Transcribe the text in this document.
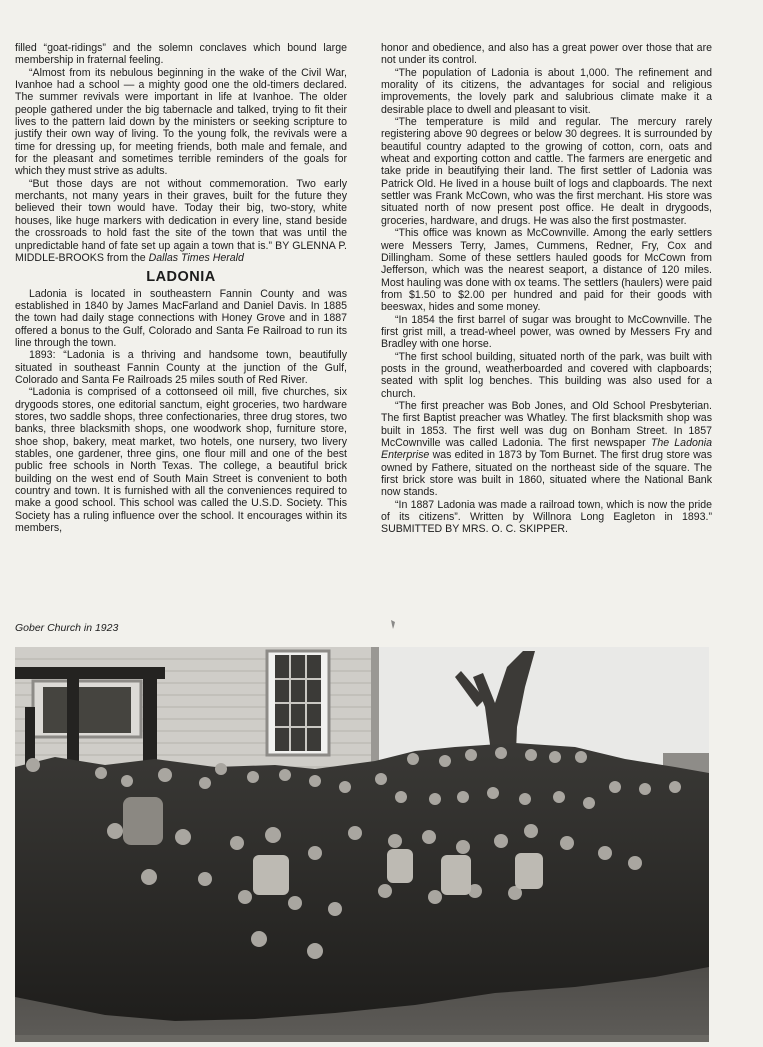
filled “goat-ridings” and the solemn conclaves which bound large membership in fraternal feeling.

“Almost from its nebulous beginning in the wake of the Civil War, Ivanhoe had a school — a mighty good one the old-timers declared. The summer revivals were important in life at Ivanhoe. The older people gathered under the big tabernacle and talked, trying to fit their lives to the pattern laid down by the ministers or seeking scripture to justify their own way of living. To the young folk, the revivals were a time for dressing up, for meeting friends, both male and female, and for the pleasant and sometimes terrible reminders of the goals for which they must strive as adults.

“But those days are not without commemoration. Two early merchants, not many years in their graves, built for the future they believed their town would have. Today their big, two-story, white houses, like huge markers with dedication in every line, stand beside the crossroads to hold fast the site of the town that was until the unpredictable hand of fate set up again a town that is.” BY GLENNA P. MIDDLE-BROOKS from the Dallas Times Herald

LADONIA

Ladonia is located in southeastern Fannin County and was established in 1840 by James MacFarland and Daniel Davis. In 1885 the town had daily stage connections with Honey Grove and in 1887 offered a bonus to the Gulf, Colorado and Santa Fe Railroad to run its line through the town.

1893: “Ladonia is a thriving and handsome town, beautifully situated in southeast Fannin County at the junction of the Gulf, Colorado and Santa Fe Railroads 25 miles south of Red River.

“Ladonia is comprised of a cottonseed oil mill, five churches, six drygoods stores, one editorial sanctum, eight groceries, two hardware stores, two saddle shops, three confectionaries, three drug stores, two banks, three blacksmith shops, one woodwork shop, furniture store, shoe shop, bakery, meat market, two hotels, one nursery, two livery stables, one gardener, three gins, one flour mill and one of the best public free schools in North Texas. The college, a beautiful brick building on the west end of South Main Street is convenient to both country and town. It is furnished with all the conveniences required to make a good school. This school was called the U.S.D. Society. This Society has a ruling influence over the school. It encourages within its members,

honor and obedience, and also has a great power over those that are not under its control.

“The population of Ladonia is about 1,000. The refinement and morality of its citizens, the advantages for social and religious improvements, the lovely park and salubrious climate make it a desirable place to dwell and pleasant to visit.

“The temperature is mild and regular. The mercury rarely registering above 90 degrees or below 30 degrees. It is surrounded by beautiful country adapted to the growing of cotton, corn, oats and wheat and exporting cotton and cattle. The farmers are energetic and take pride in beautifying their land. The first settler of Ladonia was Patrick Old. He lived in a house built of logs and clapboards. The next settler was Frank McCown, who was the first merchant. His store was situated north of now present post office. He dealt in drygoods, groceries, hardware, and drugs. He was also the first postmaster.

“This office was known as McCownville. Among the early settlers were Messers Terry, James, Cummens, Redner, Fry, Cox and Dillingham. Some of these settlers hauled goods for McCown from Jefferson, which was the nearest seaport, a distance of 120 miles. Most hauling was done with ox teams. The settlers (haulers) were paid from $1.50 to $2.00 per hundred and paid for their goods with beeswax, hides and some money.

“In 1854 the first barrel of sugar was brought to McCownville. The first grist mill, a tread-wheel power, was owned by Messers Fry and Bradley with one horse.

“The first school building, situated north of the park, was built with posts in the ground, weatherboarded and covered with clapboards; seated with split log benches. This building was also used for a church.

“The first preacher was Bob Jones, and Old School Presbyterian. The first Baptist preacher was Whatley. The first blacksmith shop was built in 1853. The first well was dug on Bonham Street. In 1857 McCownville was called Ladonia. The first newspaper The Ladonia Enterprise was edited in 1873 by Tom Burnet. The first drug store was owned by Fathere, situated on the northeast side of the square. The first brick store was built in 1860, situated where the National Bank now stands.

“In 1887 Ladonia was made a railroad town, which is now the pride of its citizens”. Written by Willnora Long Eagleton in 1893.” SUBMITTED BY MRS. O. C. SKIPPER.

Gober Church in 1923
